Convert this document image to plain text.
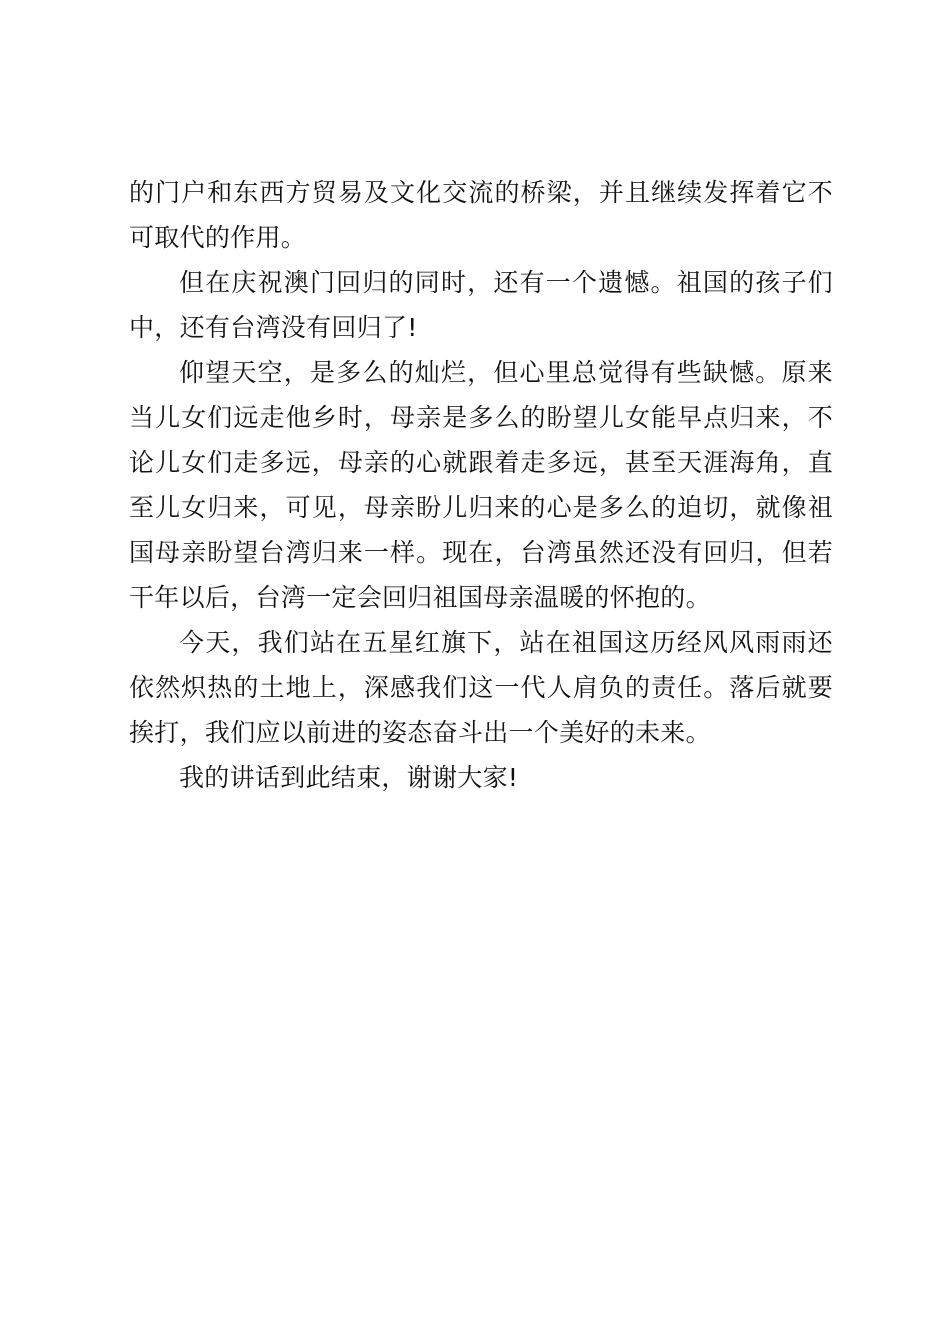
的门户和东西方贸易及文化交流的桥梁，并且继续发挥着它不可取代的作用。

但在庆祝澳门回归的同时，还有一个遗憾。祖国的孩子们中，还有台湾没有回归了!

仰望天空，是多么的灿烂，但心里总觉得有些缺憾。原来当儿女们远走他乡时，母亲是多么的盼望儿女能早点归来，不论儿女们走多远，母亲的心就跟着走多远，甚至天涯海角，直至儿女归来，可见，母亲盼儿归来的心是多么的迫切，就像祖国母亲盼望台湾归来一样。现在，台湾虽然还没有回归，但若干年以后，台湾一定会回归祖国母亲温暖的怀抱的。

今天，我们站在五星红旗下，站在祖国这历经风风雨雨还依然炽热的土地上，深感我们这一代人肩负的责任。落后就要挨打，我们应以前进的姿态奋斗出一个美好的未来。

我的讲话到此结束，谢谢大家!
